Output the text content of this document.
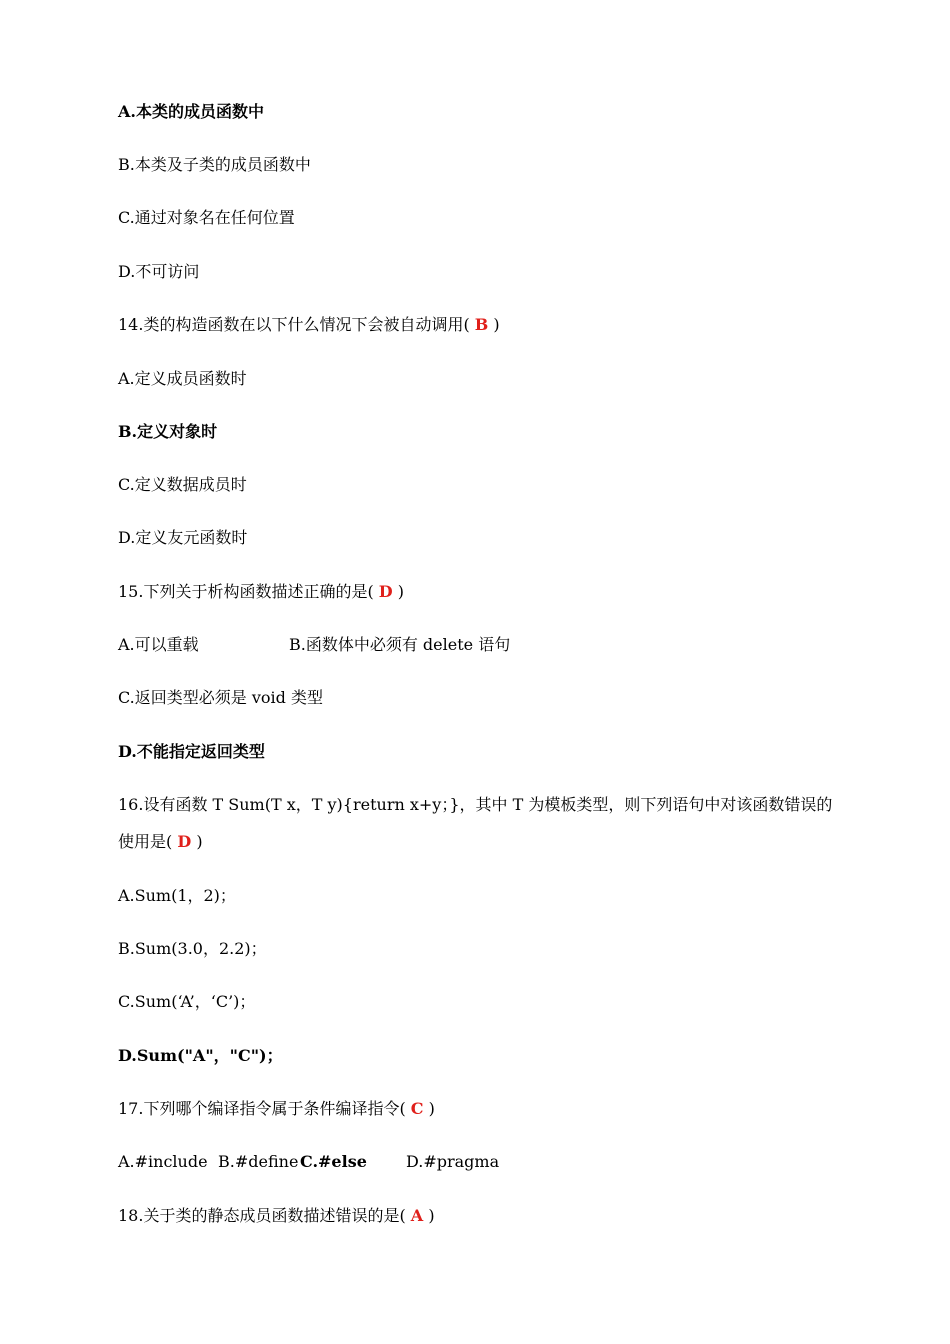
A.本类的成员函数中
B.本类及子类的成员函数中
C.通过对象名在任何位置
D.不可访问
14.类的构造函数在以下什么情况下会被自动调用( B )
A.定义成员函数时
B.定义对象时
C.定义数据成员时
D.定义友元函数时
15.下列关于析构函数描述正确的是( D )
A.可以重载	B.函数体中必须有 delete 语句
C.返回类型必须是 void 类型
D.不能指定返回类型
16.设有函数 T Sum(T x，T y){return x+y；}，其中 T 为模板类型，则下列语句中对该函数错误的
使用是( D )
A.Sum(1，2)；
B.Sum(3.0，2.2)；
C.Sum(‘A’，‘C’)；
D.Sum("A"，"C")；
17.下列哪个编译指令属于条件编译指令( C )
A.#include B.#define C.#else D.#pragma
18.关于类的静态成员函数描述错误的是( A )
